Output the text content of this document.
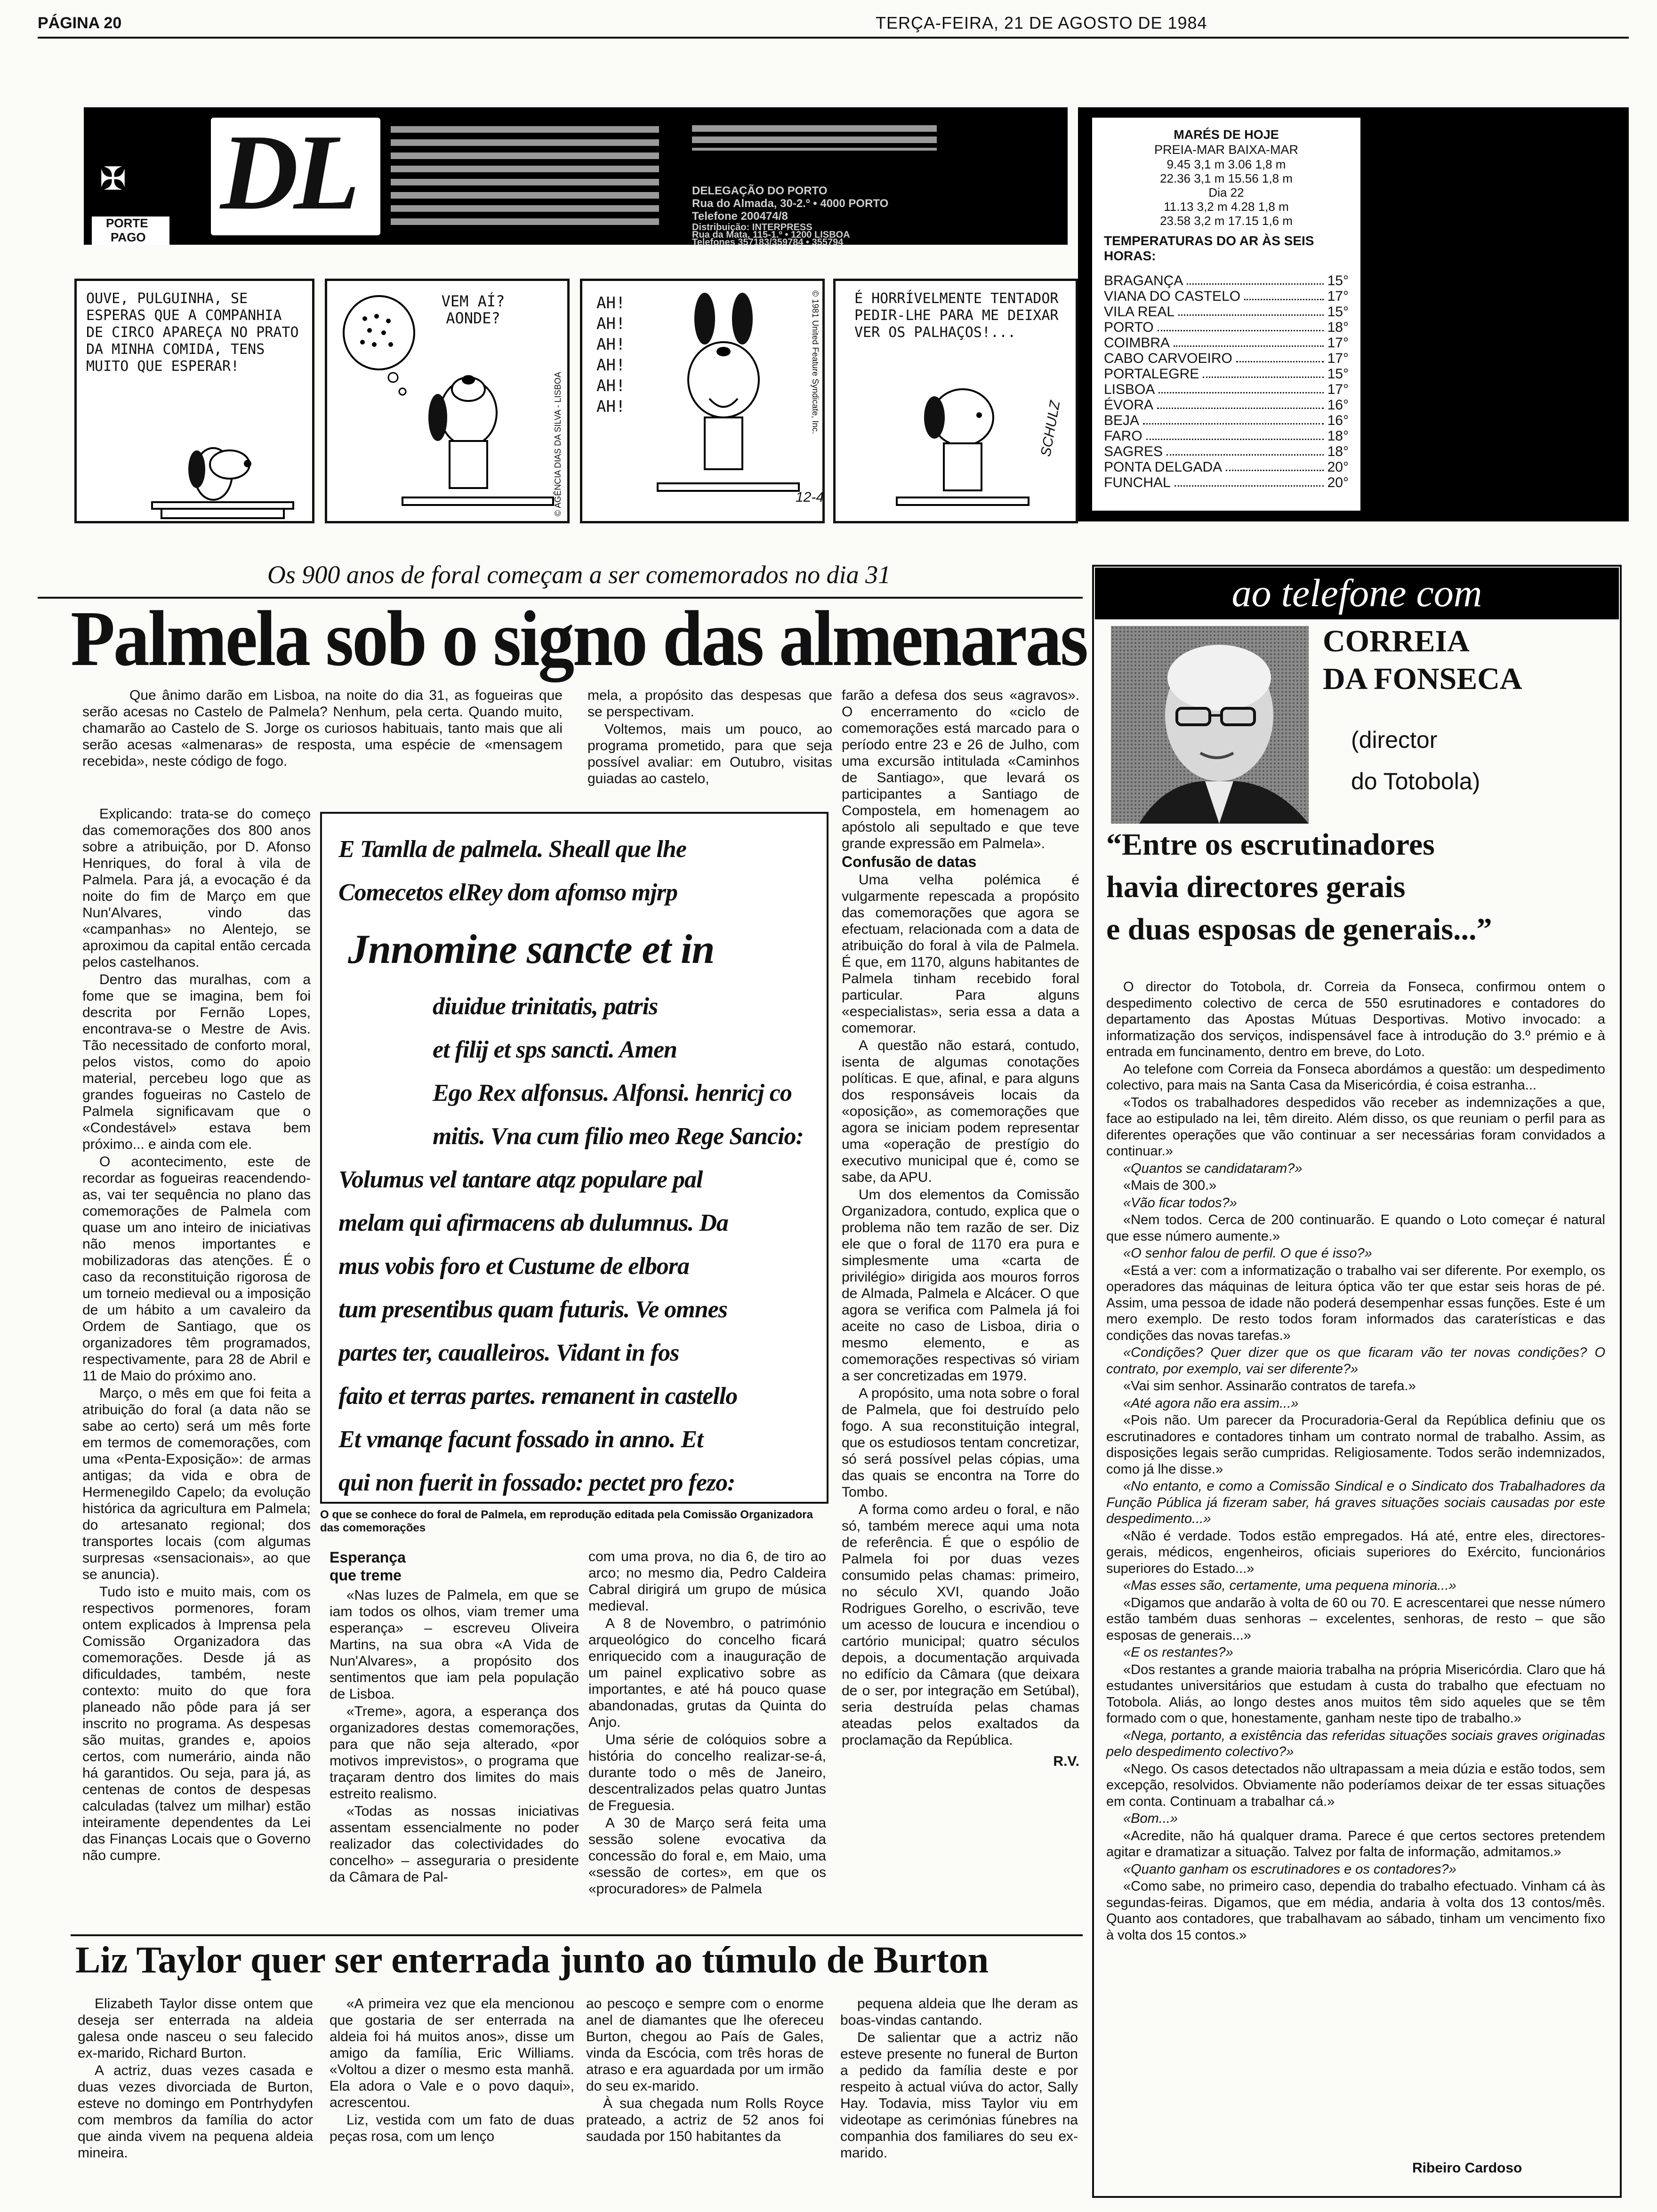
PÁGINA 20	TERÇA-FEIRA, 21 DE AGOSTO DE 1984
DL
✠
PORTE
PAGO
DELEGAÇÃO DO PORTO
Rua do Almada, 30-2.º • 4000 PORTO
Telefone 200474/8
Distribuição: INTERPRESS
Rua da Mata, 115-1.º • 1200 LISBOA
Telefones 357183/359784 • 355794
OUVE, PULGUINHA, SE ESPERAS QUE A COMPANHIA DE CIRCO APAREÇA NO PRATO DA MINHA COMIDA, TENS MUITO QUE ESPERAR!
VEM AÍ? AONDE?
© AGÊNCIA DIAS DA SILVA - LISBOA
AH!
AH!
AH!
AH!
AH!
AH!	© 1981 United Feature Syndicate, Inc. É HORRÍVELMENTE TENTADOR PEDIR-LHE PARA ME DEIXAR VER OS PALHAÇOS!...
SCHULZ
12-4
MARÉS DE HOJE
PREIA-MAR BAIXA-MAR
9.45 3,1 m 3.06 1,8 m
22.36 3,1 m 15.56 1,8 m
Dia 22
11.13 3,2 m 4.28 1,8 m
23.58 3,2 m 17.15 1,6 m
TEMPERATURAS DO AR ÀS SEIS HORAS:
BRAGANÇA	15°
VIANA DO CASTELO	17°
VILA REAL	15°
PORTO	18°
COIMBRA	17°
CABO CARVOEIRO	17°
PORTALEGRE	15°
LISBOA	17°
ÉVORA	16°
BEJA	16°
FARO	18°
SAGRES	18°
PONTA DELGADA	20°
FUNCHAL	20°
Os 900 anos de foral começam a ser comemorados no dia 31
Palmela sob o signo das almenaras
Que ânimo darão em Lisboa, na noite do dia 31, as fogueiras que serão acesas no Castelo de Palmela? Nenhum, pela certa. Quando muito, chamarão ao Castelo de S. Jorge os curiosos habituais, tanto mais que ali serão acesas «almenaras» de resposta, uma espécie de «mensagem recebida», neste código de fogo.

Explicando: trata-se do começo das comemorações dos 800 anos sobre a atribuição, por D. Afonso Henriques, do foral à vila de Palmela. Para já, a evocação é da noite do fim de Março em que Nun'Alvares, vindo das «campanhas» no Alentejo, se aproximou da capital então cercada pelos castelhanos.

Dentro das muralhas, com a fome que se imagina, bem foi descrita por Fernão Lopes, encontrava-se o Mestre de Avis. Tão necessitado de conforto moral, pelos vistos, como do apoio material, percebeu logo que as grandes fogueiras no Castelo de Palmela significavam que o «Condestável» estava bem próximo... e ainda com ele.

O acontecimento, este de recordar as fogueiras reacendendo-as, vai ter sequência no plano das comemorações de Palmela com quase um ano inteiro de iniciativas não menos importantes e mobilizadoras das atenções. É o caso da reconstituição rigorosa de um torneio medieval ou a imposição de um hábito a um cavaleiro da Ordem de Santiago, que os organizadores têm programados, respectivamente, para 28 de Abril e 11 de Maio do próximo ano.

Março, o mês em que foi feita a atribuição do foral (a data não se sabe ao certo) será um mês forte em termos de comemorações, com uma «Penta-Exposição»: de armas antigas; da vida e obra de Hermenegildo Capelo; da evolução histórica da agricultura em Palmela; do artesanato regional; dos transportes locais (com algumas surpresas «sensacionais», ao que se anuncia).

Tudo isto e muito mais, com os respectivos pormenores, foram ontem explicados à Imprensa pela Comissão Organizadora das comemorações. Desde já as dificuldades, também, neste contexto: muito do que fora planeado não pôde para já ser inscrito no programa. As despesas são muitas, grandes e, apoios certos, com numerário, ainda não há garantidos. Ou seja, para já, as centenas de contos de despesas calculadas (talvez um milhar) estão inteiramente dependentes da Lei das Finanças Locais que o Governo não cumpre.

mela, a propósito das despesas que se perspectivam.

Voltemos, mais um pouco, ao programa prometido, para que seja possível avaliar: em Outubro, visitas guiadas ao castelo,

farão a defesa dos seus «agravos». O encerramento do «ciclo de comemorações está marcado para o período entre 23 e 26 de Julho, com uma excursão intitulada «Caminhos de Santiago», que levará os participantes a Santiago de Compostela, em homenagem ao apóstolo ali sepultado e que teve grande expressão em Palmela».

Confusão de datas

Uma velha polémica é vulgarmente repescada a propósito das comemorações que agora se efectuam, relacionada com a data de atribuição do foral à vila de Palmela. É que, em 1170, alguns habitantes de Palmela tinham recebido foral particular. Para alguns «especialistas», seria essa a data a comemorar.

A questão não estará, contudo, isenta de algumas conotações políticas. E que, afinal, e para alguns dos responsáveis locais da «oposição», as comemorações que agora se iniciam podem representar uma «operação de prestígio do executivo municipal que é, como se sabe, da APU.

Um dos elementos da Comissão Organizadora, contudo, explica que o problema não tem razão de ser. Diz ele que o foral de 1170 era pura e simplesmente uma «carta de privilégio» dirigida aos mouros forros de Almada, Palmela e Alcácer. O que agora se verifica com Palmela já foi aceite no caso de Lisboa, diria o mesmo elemento, e as comemorações respectivas só viriam a ser concretizadas em 1979.

A propósito, uma nota sobre o foral de Palmela, que foi destruído pelo fogo. A sua reconstituição integral, que os estudiosos tentam concretizar, só será possível pelas cópias, uma das quais se encontra na Torre do Tombo.

A forma como ardeu o foral, e não só, também merece aqui uma nota de referência. É que o espólio de Palmela foi por duas vezes consumido pelas chamas: primeiro, no século XVI, quando João Rodrigues Gorelho, o escrivão, teve um acesso de loucura e incendiou o cartório municipal; quatro séculos depois, a documentação arquivada no edifício da Câmara (que deixara de o ser, por integração em Setúbal), seria destruída pelas chamas ateadas pelos exaltados da proclamação da República.

R.V.

E Tamlla de palmela. Sheall que lhe
Comecetos elRey dom afomso mjrp
Jnnomine sancte et in
diuidue trinitatis, patris
et filij et sps sancti. Amen
Ego Rex alfonsus. Alfonsi. henricj co
mitis. Vna cum filio meo Rege Sancio:
Volumus vel tantare atqz populare pal
melam qui afirmacens ab dulumnus. Da
mus vobis foro et Custume de elbora
tum presentibus quam futuris. Ve omnes
partes ter, caualleiros. Vidant in fos
faito et terras partes. remanent in castello
Et vmanqe facunt fossado in anno. Et
qui non fuerit in fossado: pectet pro fezo:
O que se conhece do foral de Palmela, em reprodução editada pela Comissão Organizadora das comemorações
Esperança
que treme

«Nas luzes de Palmela, em que se iam todos os olhos, viam tremer uma esperança» – escreveu Oliveira Martins, na sua obra «A Vida de Nun'Alvares», a propósito dos sentimentos que iam pela população de Lisboa.

«Treme», agora, a esperança dos organizadores destas comemorações, para que não seja alterado, «por motivos imprevistos», o programa que traçaram dentro dos limites do mais estreito realismo.

«Todas as nossas iniciativas assentam essencialmente no poder realizador das colectividades do concelho» – asseguraria o presidente da Câmara de Pal-

com uma prova, no dia 6, de tiro ao arco; no mesmo dia, Pedro Caldeira Cabral dirigirá um grupo de música medieval.

A 8 de Novembro, o património arqueológico do concelho ficará enriquecido com a inauguração de um painel explicativo sobre as importantes, e até há pouco quase abandonadas, grutas da Quinta do Anjo.

Uma série de colóquios sobre a história do concelho realizar-se-á, durante todo o mês de Janeiro, descentralizados pelas quatro Juntas de Freguesia.

A 30 de Março será feita uma sessão solene evocativa da concessão do foral e, em Maio, uma «sessão de cortes», em que os «procuradores» de Palmela

Liz Taylor quer ser enterrada junto ao túmulo de Burton

Elizabeth Taylor disse ontem que deseja ser enterrada na aldeia galesa onde nasceu o seu falecido ex-marido, Richard Burton.

A actriz, duas vezes casada e duas vezes divorciada de Burton, esteve no domingo em Pontrhydyfen com membros da família do actor que ainda vivem na pequena aldeia mineira.

«A primeira vez que ela mencionou que gostaria de ser enterrada na aldeia foi há muitos anos», disse um amigo da família, Eric Williams. «Voltou a dizer o mesmo esta manhã. Ela adora o Vale e o povo daqui», acrescentou.

Liz, vestida com um fato de duas peças rosa, com um lenço

ao pescoço e sempre com o enorme anel de diamantes que lhe ofereceu Burton, chegou ao País de Gales, vinda da Escócia, com três horas de atraso e era aguardada por um irmão do seu ex-marido.

À sua chegada num Rolls Royce prateado, a actriz de 52 anos foi saudada por 150 habitantes da

pequena aldeia que lhe deram as boas-vindas cantando.

De salientar que a actriz não esteve presente no funeral de Burton a pedido da família deste e por respeito à actual viúva do actor, Sally Hay. Todavia, miss Taylor viu em videotape as cerimónias fúnebres na companhia dos familiares do seu ex-marido.

ao telefone com
CORREIA
DA FONSECA
(director
do Totobola)
“Entre os escrutinadores
havia directores gerais
e duas esposas de generais...”

O director do Totobola, dr. Correia da Fonseca, confirmou ontem o despedimento colectivo de cerca de 550 esrutinadores e contadores do departamento das Apostas Mútuas Desportivas. Motivo invocado: a informatização dos serviços, indispensável face à introdução do 3.º prémio e à entrada em funcinamento, dentro em breve, do Loto.

Ao telefone com Correia da Fonseca abordámos a questão: um despedimento colectivo, para mais na Santa Casa da Misericórdia, é coisa estranha...

«Todos os trabalhadores despedidos vão receber as indemnizações a que, face ao estipulado na lei, têm direito. Além disso, os que reuniam o perfil para as diferentes operações que vão continuar a ser necessárias foram convidados a continuar.»

«Quantos se candidataram?»

«Mais de 300.»

«Vão ficar todos?»

«Nem todos. Cerca de 200 continuarão. E quando o Loto começar é natural que esse número aumente.»

«O senhor falou de perfil. O que é isso?»

«Está a ver: com a informatização o trabalho vai ser diferente. Por exemplo, os operadores das máquinas de leitura óptica vão ter que estar seis horas de pé. Assim, uma pessoa de idade não poderá desempenhar essas funções. Este é um mero exemplo. De resto todos foram informados das caraterísticas e das condições das novas tarefas.»

«Condições? Quer dizer que os que ficaram vão ter novas condições? O contrato, por exemplo, vai ser diferente?»

«Vai sim senhor. Assinarão contratos de tarefa.»

«Até agora não era assim...»

«Pois não. Um parecer da Procuradoria-Geral da República definiu que os escrutinadores e contadores tinham um contrato normal de trabalho. Assim, as disposições legais serão cumpridas. Religiosamente. Todos serão indemnizados, como já lhe disse.»

«No entanto, e como a Comissão Sindical e o Sindicato dos Trabalhadores da Função Pública já fizeram saber, há graves situações sociais causadas por este despedimento...»

«Não é verdade. Todos estão empregados. Há até, entre eles, directores-gerais, médicos, engenheiros, oficiais superiores do Exército, funcionários superiores do Estado...»

«Mas esses são, certamente, uma pequena minoria...»

«Digamos que andarão à volta de 60 ou 70. E acrescentarei que nesse número estão também duas senhoras – excelentes, senhoras, de resto – que são esposas de generais...»

«E os restantes?»

«Dos restantes a grande maioria trabalha na própria Misericórdia. Claro que há estudantes universitários que estudam à custa do trabalho que efectuam no Totobola. Aliás, ao longo destes anos muitos têm sido aqueles que se têm formado com o que, honestamente, ganham neste tipo de trabalho.»

«Nega, portanto, a existência das referidas situações sociais graves originadas pelo despedimento colectivo?»

«Nego. Os casos detectados não ultrapassam a meia dúzia e estão todos, sem excepção, resolvidos. Obviamente não poderíamos deixar de ter essas situações em conta. Continuam a trabalhar cá.»

«Bom...»

«Acredite, não há qualquer drama. Parece é que certos sectores pretendem agitar e dramatizar a situação. Talvez por falta de informação, admitamos.»

«Quanto ganham os escrutinadores e os contadores?»

«Como sabe, no primeiro caso, dependia do trabalho efectuado. Vinham cá às segundas-feiras. Digamos, que em média, andaria à volta dos 13 contos/mês. Quanto aos contadores, que trabalhavam ao sábado, tinham um vencimento fixo à volta dos 15 contos.»

Ribeiro Cardoso
